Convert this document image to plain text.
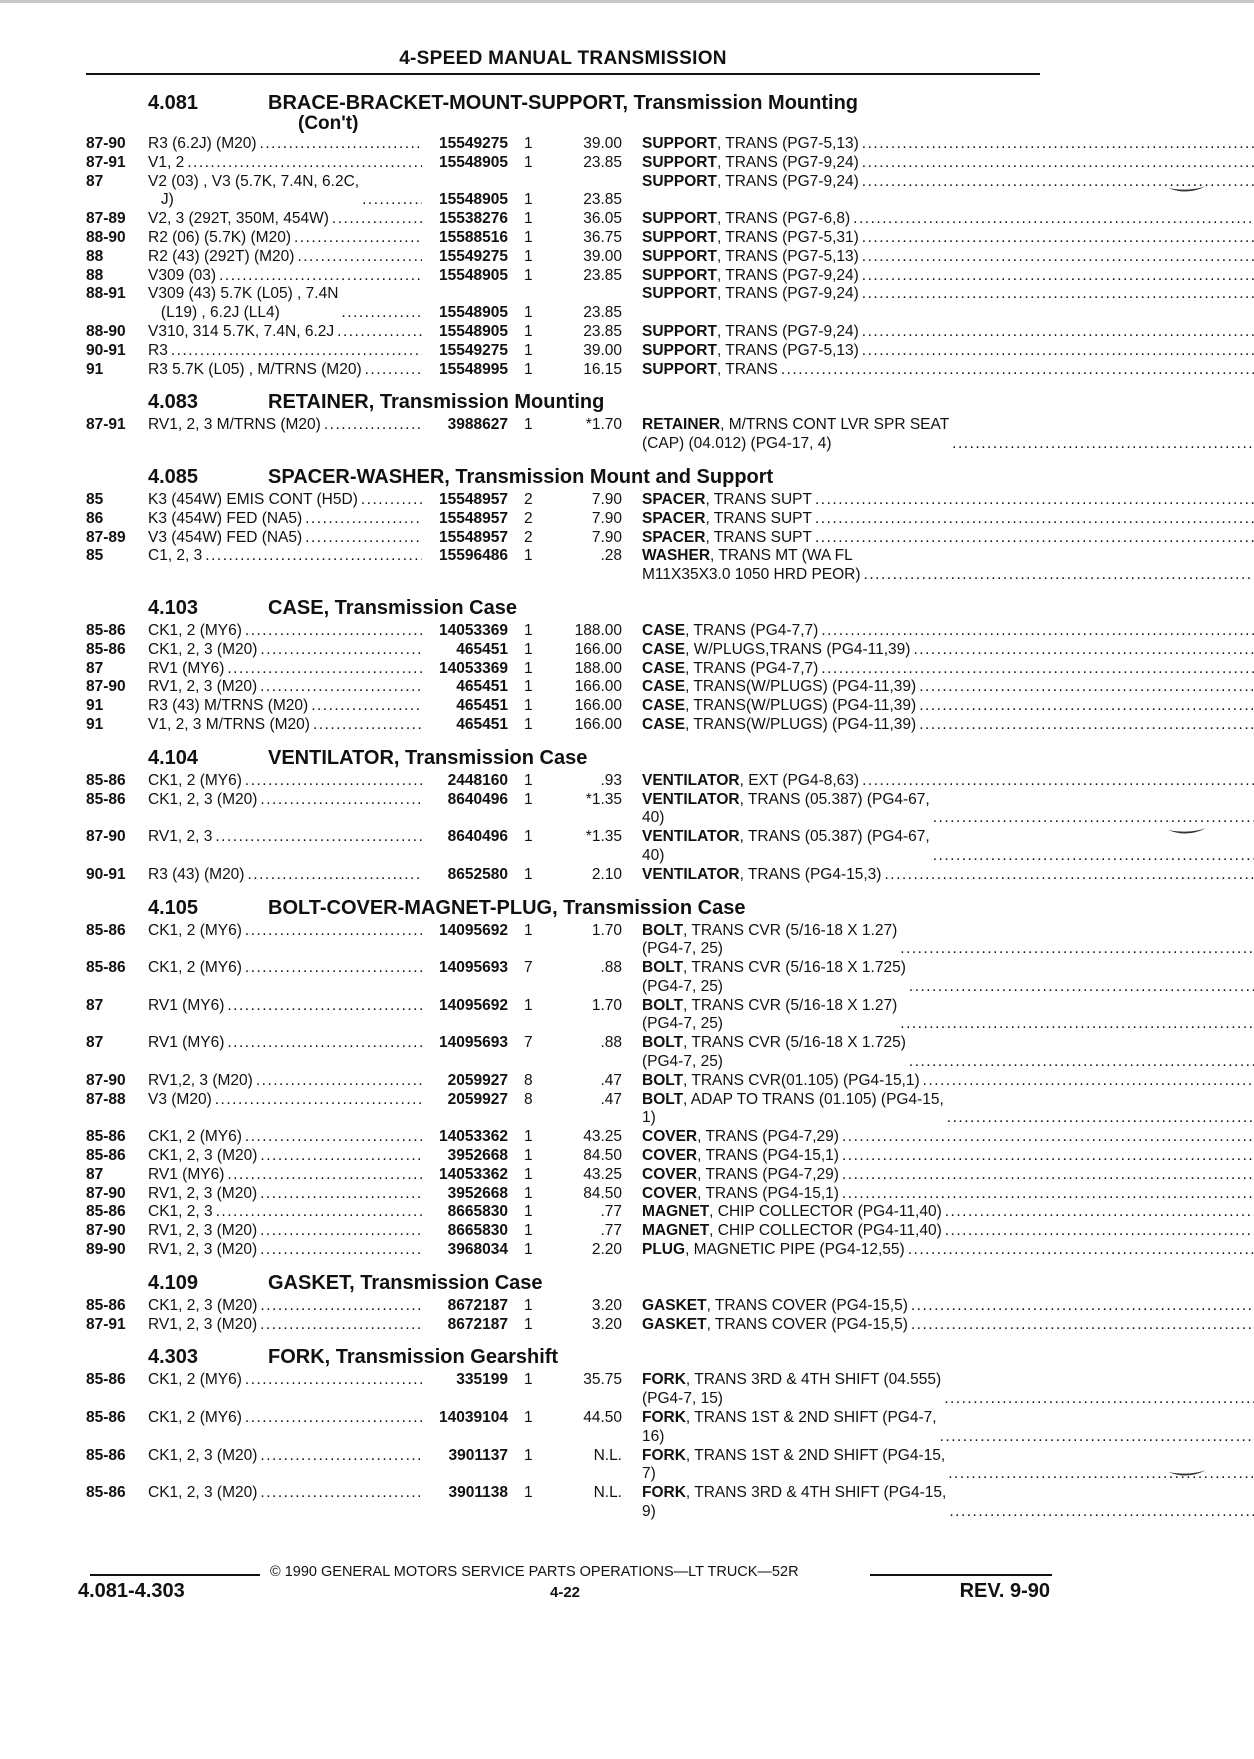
4-SPEED MANUAL TRANSMISSION
4.081	BRACE-BRACKET-MOUNT-SUPPORT, Transmission Mounting
(Con't)
87-90	R3 (6.2J) (M20) .....	15549275	1	39.00 SUPPORT, TRANS (PG7-5,13)
.....
87-91	V1, 2 .....	15548905	1	23.85 SUPPORT, TRANS (PG7-9,24)
.....
87	V2 (03) , V3 (5.7K, 7.4N, 6.2C,
J) .....	15548905	1	23.85
SUPPORT, TRANS (PG7-9,24)
.....
87-89	V2, 3 (292T, 350M, 454W) .....	15538276	1	36.05 SUPPORT, TRANS (PG7-6,8)
.....
88-90	R2 (06) (5.7K) (M20) .....	15588516	1	36.75 SUPPORT, TRANS (PG7-5,31)
.....
88	R2 (43) (292T) (M20) .....	15549275	1	39.00 SUPPORT, TRANS (PG7-5,13)
.....
88	V309 (03) .....	15548905	1	23.85 SUPPORT, TRANS (PG7-9,24)
.....
88-91	V309 (43) 5.7K (L05) , 7.4N
(L19) , 6.2J (LL4) .....	15548905	1	23.85
SUPPORT, TRANS (PG7-9,24)
.....
88-90	V310, 314 5.7K, 7.4N, 6.2J .....	15548905	1	23.85 SUPPORT, TRANS (PG7-9,24)
.....
90-91	R3 .....	15549275	1	39.00 SUPPORT, TRANS (PG7-5,13)
.....
91	R3 5.7K (L05) , M/TRNS (M20) .....	15548995	1	16.15 SUPPORT, TRANS
.....
4.083	RETAINER, Transmission Mounting
87-91	RV1, 2, 3 M/TRNS (M20) .....	3988627	1	*1.70 RETAINER, M/TRNS CONT LVR SPR SEAT
(CAP) (04.012) (PG4-17, 4)
.....
4.085	SPACER-WASHER, Transmission Mount and Support
85	K3 (454W) EMIS CONT (H5D) .....	15548957	2	7.90 SPACER, TRANS SUPT
.....
86	K3 (454W) FED (NA5) .....	15548957	2	7.90 SPACER, TRANS SUPT
.....
87-89	V3 (454W) FED (NA5) .....	15548957	2	7.90 SPACER, TRANS SUPT
.....
85	C1, 2, 3 .....	15596486	1	.28 WASHER, TRANS MT (WA FL
M11X35X3.0 1050 HRD PEOR)
.....
4.103	CASE, Transmission Case
85-86	CK1, 2 (MY6) .....	14053369	1	188.00 CASE, TRANS (PG4-7,7)
.....
85-86	CK1, 2, 3 (M20) .....	465451	1	166.00 CASE, W/PLUGS,TRANS (PG4-11,39)
.....
87	RV1 (MY6) .....	14053369	1	188.00 CASE, TRANS (PG4-7,7)
.....
87-90	RV1, 2, 3 (M20) .....	465451	1	166.00 CASE, TRANS(W/PLUGS) (PG4-11,39)
.....
91	R3 (43) M/TRNS (M20) .....	465451	1	166.00 CASE, TRANS(W/PLUGS) (PG4-11,39)
.....
91	V1, 2, 3 M/TRNS (M20) .....	465451	1	166.00 CASE, TRANS(W/PLUGS) (PG4-11,39)
.....
4.104	VENTILATOR, Transmission Case
85-86	CK1, 2 (MY6) .....	2448160	1	.93 VENTILATOR, EXT (PG4-8,63)
.....
85-86	CK1, 2, 3 (M20) .....	8640496	1	*1.35 VENTILATOR, TRANS (05.387) (PG4-67,
40)
.....
87-90	RV1, 2, 3 .....	8640496	1	*1.35 VENTILATOR, TRANS (05.387) (PG4-67,
40)
.....
90-91	R3 (43) (M20) .....	8652580	1	2.10 VENTILATOR, TRANS (PG4-15,3)
.....
4.105	BOLT-COVER-MAGNET-PLUG, Transmission Case
85-86	CK1, 2 (MY6) .....	14095692	1	1.70 BOLT, TRANS CVR (5/16-18 X 1.27)
(PG4-7, 25)
.....
85-86	CK1, 2 (MY6) .....	14095693	7	.88 BOLT, TRANS CVR (5/16-18 X 1.725)
(PG4-7, 25)
.....
87	RV1 (MY6) .....	14095692	1	1.70 BOLT, TRANS CVR (5/16-18 X 1.27)
(PG4-7, 25)
.....
87	RV1 (MY6) .....	14095693	7	.88 BOLT, TRANS CVR (5/16-18 X 1.725)
(PG4-7, 25)
.....
87-90	RV1,2, 3 (M20) .....	2059927	8	.47 BOLT, TRANS CVR(01.105) (PG4-15,1)
.....
87-88	V3 (M20) .....	2059927	8	.47 BOLT, ADAP TO TRANS (01.105) (PG4-15,
1)
.....
85-86	CK1, 2 (MY6) .....	14053362	1	43.25 COVER, TRANS (PG4-7,29)
.....
85-86	CK1, 2, 3 (M20) .....	3952668	1	84.50 COVER, TRANS (PG4-15,1)
.....
87	RV1 (MY6) .....	14053362	1	43.25 COVER, TRANS (PG4-7,29)
.....
87-90	RV1, 2, 3 (M20) .....	3952668	1	84.50 COVER, TRANS (PG4-15,1)
.....
85-86	CK1, 2, 3 .....	8665830	1	.77 MAGNET, CHIP COLLECTOR (PG4-11,40)
.....
87-90	RV1, 2, 3 (M20) .....	8665830	1	.77 MAGNET, CHIP COLLECTOR (PG4-11,40)
.....
89-90	RV1, 2, 3 (M20) .....	3968034	1	2.20 PLUG, MAGNETIC PIPE (PG4-12,55)
.....
4.109	GASKET, Transmission Case
85-86	CK1, 2, 3 (M20) .....	8672187	1	3.20 GASKET, TRANS COVER (PG4-15,5)
.....
87-91	RV1, 2, 3 (M20) .....	8672187	1	3.20 GASKET, TRANS COVER (PG4-15,5)
.....
4.303	FORK, Transmission Gearshift
85-86	CK1, 2 (MY6) .....	335199	1	35.75 FORK, TRANS 3RD & 4TH SHIFT (04.555)
(PG4-7, 15)
.....
85-86	CK1, 2 (MY6) .....	14039104	1	44.50 FORK, TRANS 1ST & 2ND SHIFT (PG4-7,
16)
.....
85-86	CK1, 2, 3 (M20) .....	3901137	1	N.L. FORK, TRANS 1ST & 2ND SHIFT (PG4-15,
7)
.....
85-86	CK1, 2, 3 (M20) .....	3901138	1	N.L. FORK, TRANS 3RD & 4TH SHIFT (PG4-15,
9)
.....
© 1990 GENERAL MOTORS SERVICE PARTS OPERATIONS—LT TRUCK—52R
4.081-4.303	4-22	REV. 9-90
